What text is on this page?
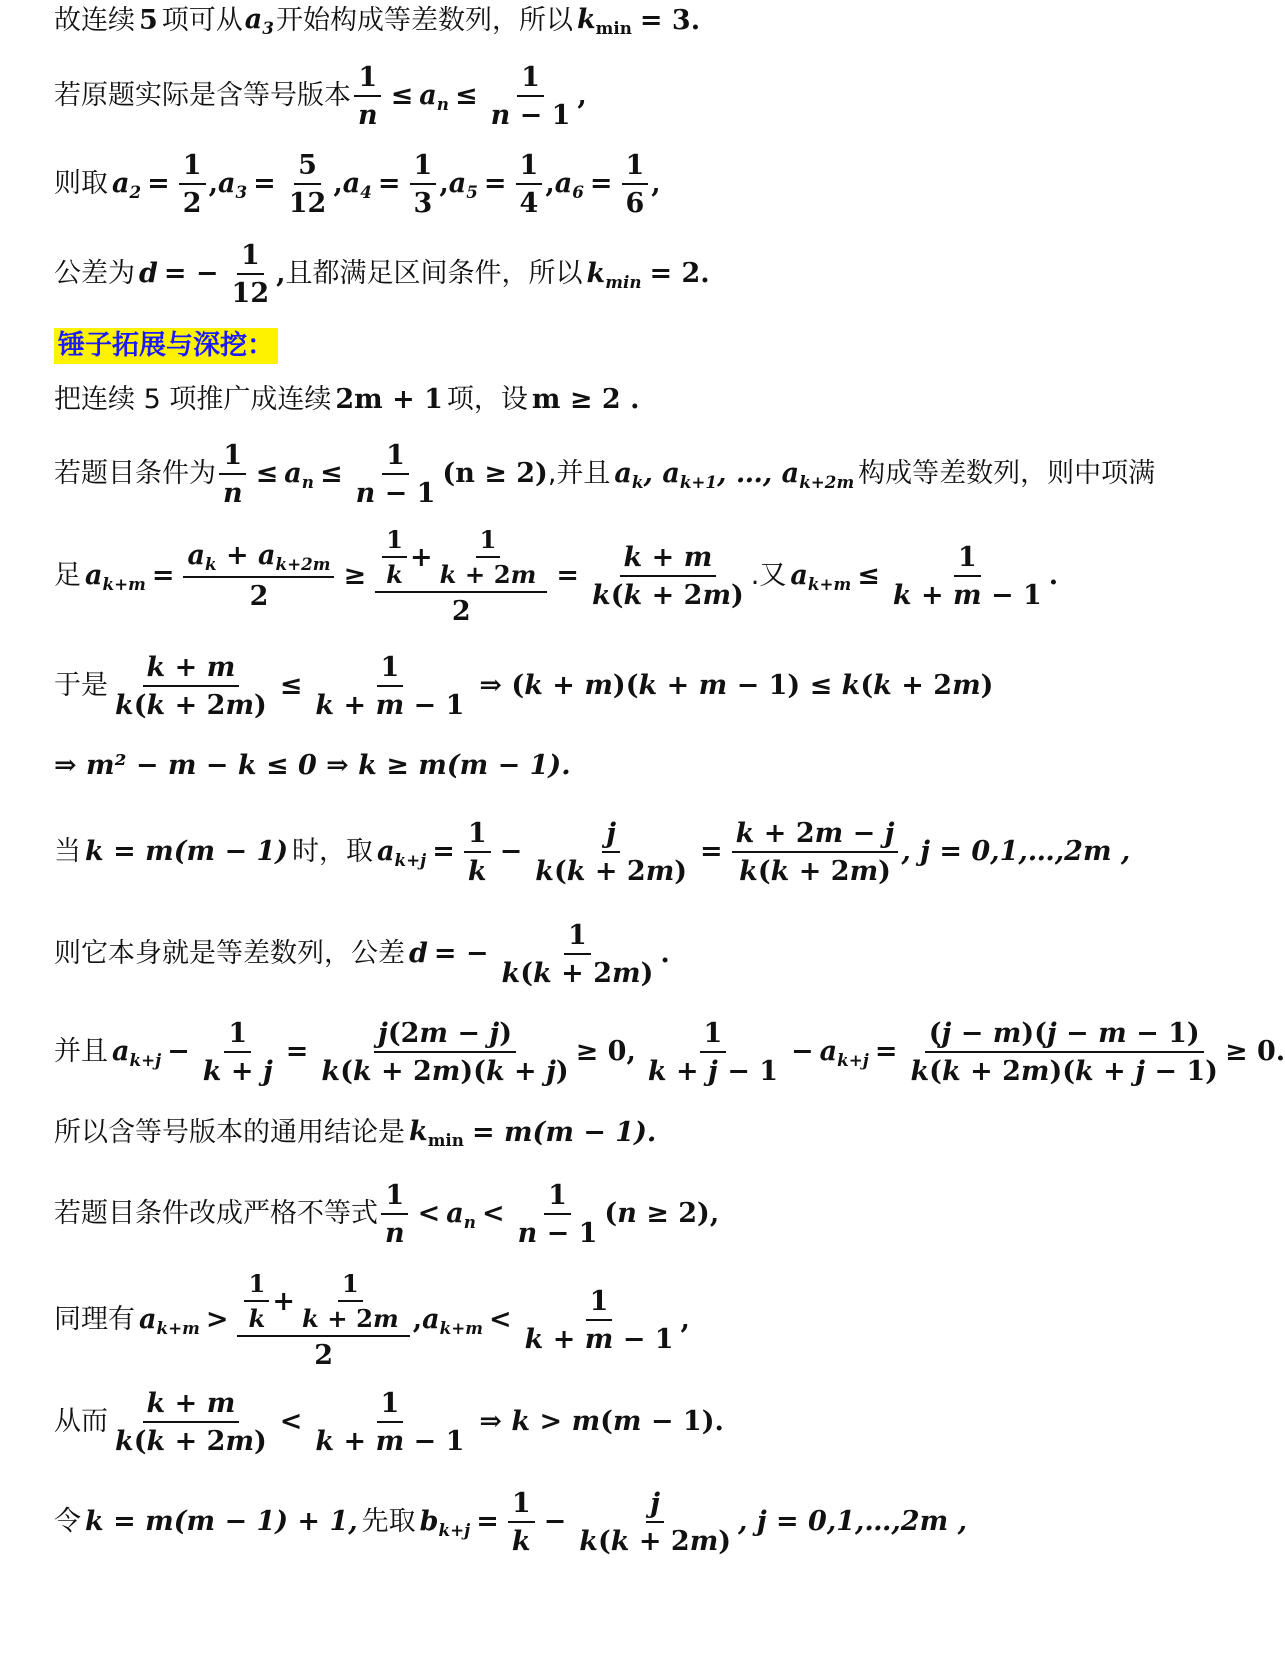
故连续 5 项可从 $a_3$ 开始构成等差数列，所以 $k_{min} = 3$.
若原题实际是含等号版本 $\frac{1}{n} \le a_n \le \frac{1}{n - 1}$ ,
则取 $a_2 = \frac{1}{2}$ , $a_3 = \frac{5}{12}$ , $a_4 = \frac{1}{3}$ , $a_5 = \frac{1}{4}$ , $a_6 = \frac{1}{6}$ ,
公差为 d = − $\frac{1}{12}$ , 且都满足区间条件，所以 $k_{min} = 2$.
锤子拓展与深挖：
把连续 5 项推广成连续 2m + 1 项，设 m ≥ 2 .
若题目条件为 $\frac{1}{n} \le a_n \le \frac{1}{n - 1} (n \ge 2)$ ,并且 $a_k$, $a_{k+1}$, …, $a_{k+2m}$ 构成等差数列，则中项满
足 $a_{k+m} = \frac{a_k + a_{k+2m}}{2} \ge \frac{\frac{1}{k} + \frac{1}{k + 2m}}{2} = \frac{k + m}{k(k + 2m)}$ .又 $a_{k+m} \le \frac{1}{k + m - 1}$ .
于是 $\frac{k + m}{k(k + 2m)} \le \frac{1}{k + m - 1}$ ⇒ (k + m)(k + m − 1) ≤ k(k + 2m)
⇒ m² − m − k ≤ 0 ⇒ k ≥ m(m − 1).
当 k = m(m − 1) 时，取 $a_{k+j} = \frac{1}{k} - \frac{j}{k(k + 2m)} = \frac{k + 2m - j}{k(k + 2m)}$ , j = 0,1,…,2m ,
则它本身就是等差数列，公差 d = − $\frac{1}{k(k + 2m)}$ .
并且 $a_{k+j} - \frac{1}{k + j} = \frac{j(2m - j)}{k(k + 2m)(k + j)} \ge 0$, $\frac{1}{k + j - 1} - a_{k+j} = \frac{(j - m)(j - m - 1)}{k(k + 2m)(k + j - 1)} \ge 0$.
所以含等号版本的通用结论是 $k_{min} = m(m - 1)$.
若题目条件改成严格不等式 $\frac{1}{n} < a_n < \frac{1}{n - 1} (n \ge 2)$,
同理有 $a_{k+m} > \frac{\frac{1}{k} + \frac{1}{k + 2m}}{2}$ , $a_{k+m} < \frac{1}{k + m - 1}$ ,
从而 $\frac{k + m}{k(k + 2m)} < \frac{1}{k + m - 1}$ ⇒ k > m(m − 1).
令 k = m(m − 1) + 1, 先取 $b_{k+j} = \frac{1}{k} - \frac{j}{k(k + 2m)}$ , j = 0,1,…,2m ,
